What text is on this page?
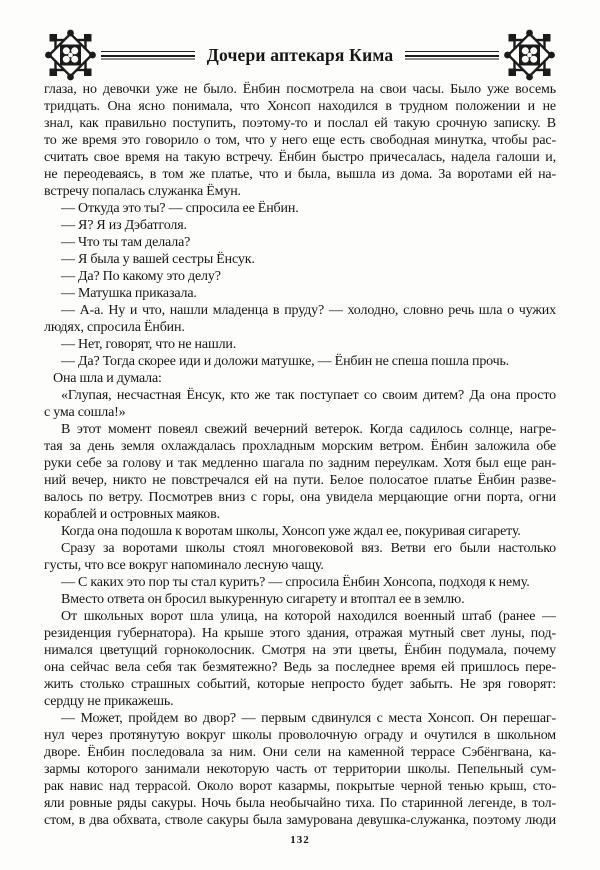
Дочери аптекаря Кима
глаза, но девочки уже не было. Ёнбин посмотрела на свои часы. Было уже восемь
тридцать. Она ясно понимала, что Хонсоп находился в трудном положении и не
знал, как правильно поступить, поэтому-то и послал ей такую срочную записку. В
то же время это говорило о том, что у него еще есть свободная минутка, чтобы рас-
считать свое время на такую встречу. Ёнбин быстро причесалась, надела галоши и,
не переодеваясь, в том же платье, что и была, вышла из дома. За воротами ей на-
встречу попалась служанка Ёмун.
— Откуда это ты? — спросила ее Ёнбин.
— Я? Я из Дэбатголя.
— Что ты там делала?
— Я была у вашей сестры Ёнсук.
— Да? По какому это делу?
— Матушка приказала.
— А-а. Ну и что, нашли младенца в пруду? — холодно, словно речь шла о чужих
людях, спросила Ёнбин.
— Нет, говорят, что не нашли.
— Да? Тогда скорее иди и доложи матушке, — Ёнбин не спеша пошла прочь.
Она шла и думала:
«Глупая, несчастная Ёнсук, кто же так поступает со своим дитем? Да она просто
с ума сошла!»
В этот момент повеял свежий вечерний ветерок. Когда садилось солнце, нагре-
тая за день земля охлаждалась прохладным морским ветром. Ёнбин заложила обе
руки себе за голову и так медленно шагала по задним переулкам. Хотя был еще ран-
ний вечер, никто не повстречался ей на пути. Белое полосатое платье Ёнбин разве-
валось по ветру. Посмотрев вниз с горы, она увидела мерцающие огни порта, огни
кораблей и островных маяков.
Когда она подошла к воротам школы, Хонсоп уже ждал ее, покуривая сигарету.
Сразу за воротами школы стоял многовековой вяз. Ветви его были настолько
густы, что все вокруг напоминало лесную чащу.
— С каких это пор ты стал курить? — спросила Ёнбин Хонсопа, подходя к нему.
Вместо ответа он бросил выкуренную сигарету и втоптал ее в землю.
От школьных ворот шла улица, на которой находился военный штаб (ранее —
резиденция губернатора). На крыше этого здания, отражая мутный свет луны, под-
нимался цветущий горноколосник. Смотря на эти цветы, Ёнбин подумала, почему
она сейчас вела себя так безмятежно? Ведь за последнее время ей пришлось пере-
жить столько страшных событий, которые непросто будет забыть. Не зря говорят:
сердцу не прикажешь.
— Может, пройдем во двор? — первым сдвинулся с места Хонсоп. Он перешаг-
нул через протянутую вокруг школы проволочную ограду и очутился в школьном
дворе. Ёнбин последовала за ним. Они сели на каменной террасе Сэбёнгвана, ка-
зармы которого занимали некоторую часть от территории школы. Пепельный сум-
рак навис над террасой. Около ворот казармы, покрытые черной тенью крыш, сто-
яли ровные ряды сакуры. Ночь была необычайно тиха. По старинной легенде, в тол-
стом, в два обхвата, стволе сакуры была замурована девушка-служанка, поэтому люди
132
